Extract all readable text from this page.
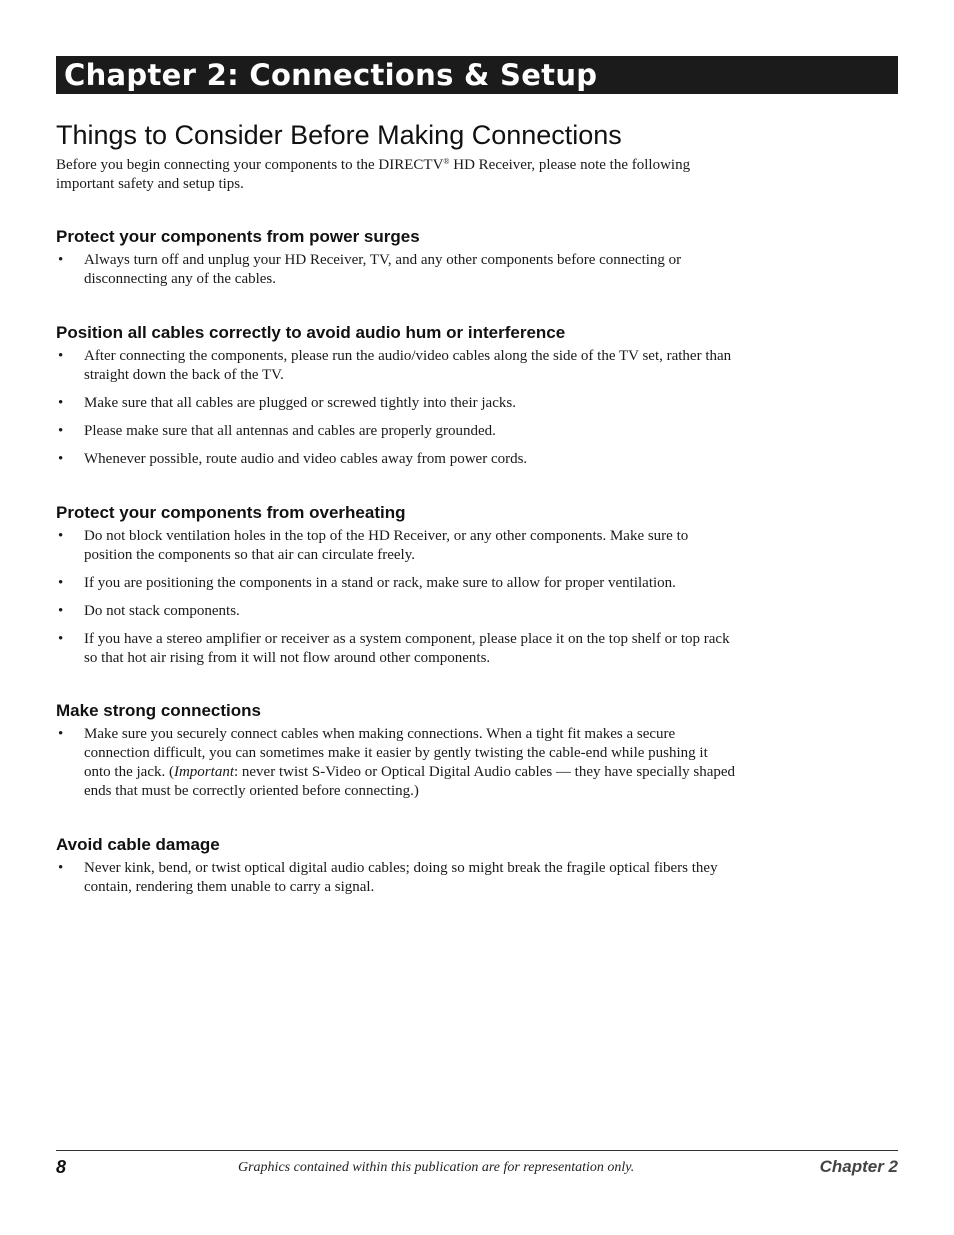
Chapter 2: Connections & Setup
Things to Consider Before Making Connections

Before you begin connecting your components to the DIRECTV® HD Receiver, please note the following important safety and setup tips.

Protect your components from power surges
• Always turn off and unplug your HD Receiver, TV, and any other components before connecting or disconnecting any of the cables.
Position all cables correctly to avoid audio hum or interference
• After connecting the components, please run the audio/video cables along the side of the TV set, rather than straight down the back of the TV.
• Make sure that all cables are plugged or screwed tightly into their jacks.
• Please make sure that all antennas and cables are properly grounded.
• Whenever possible, route audio and video cables away from power cords.
Protect your components from overheating
• Do not block ventilation holes in the top of the HD Receiver, or any other components. Make sure to position the components so that air can circulate freely.
• If you are positioning the components in a stand or rack, make sure to allow for proper ventilation.
• Do not stack components.
• If you have a stereo amplifier or receiver as a system component, please place it on the top shelf or top rack so that hot air rising from it will not flow around other components.
Make strong connections
• Make sure you securely connect cables when making connections. When a tight fit makes a secure connection difficult, you can sometimes make it easier by gently twisting the cable-end while pushing it onto the jack. (Important: never twist S-Video or Optical Digital Audio cables — they have specially shaped ends that must be correctly oriented before connecting.)
Avoid cable damage
• Never kink, bend, or twist optical digital audio cables; doing so might break the fragile optical fibers they contain, rendering them unable to carry a signal.
8	Graphics contained within this publication are for representation only.	Chapter 2
